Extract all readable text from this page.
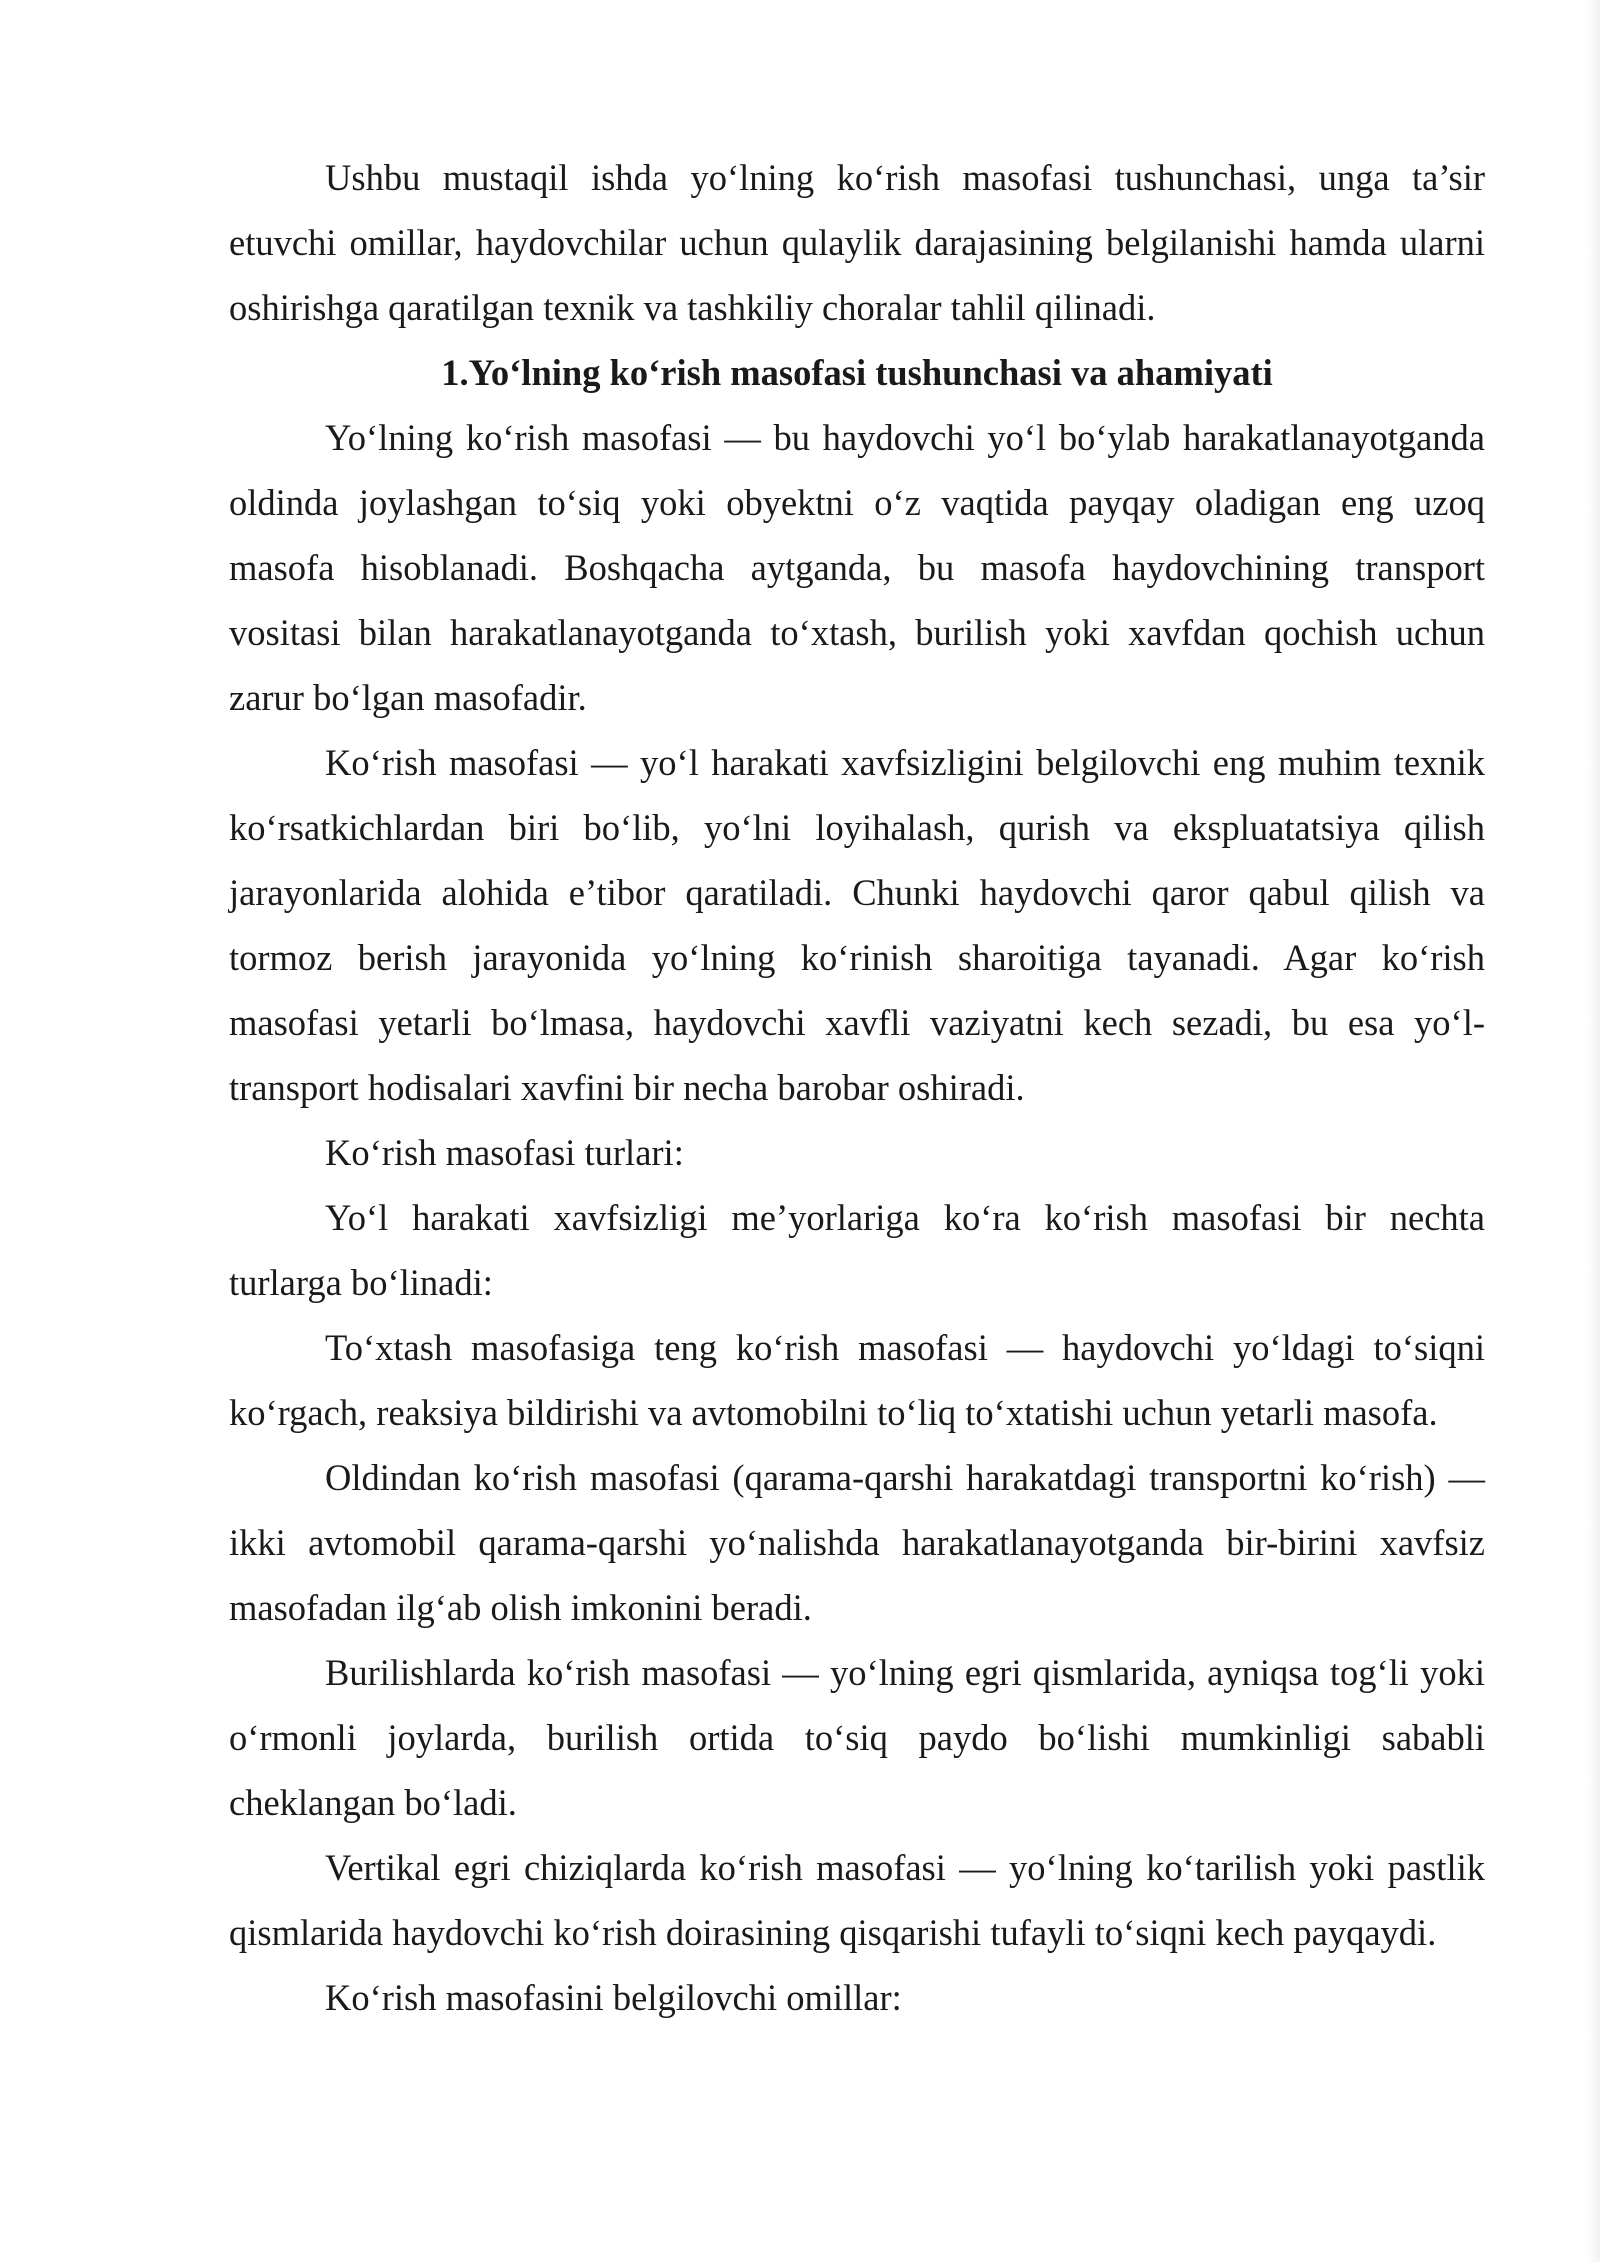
Ushbu mustaqil ishda yo‘lning ko‘rish masofasi tushunchasi, unga ta’sir etuvchi omillar, haydovchilar uchun qulaylik darajasining belgilanishi hamda ularni oshirishga qaratilgan texnik va tashkiliy choralar tahlil qilinadi.

1.Yo‘lning ko‘rish masofasi tushunchasi va ahamiyati

Yo‘lning ko‘rish masofasi — bu haydovchi yo‘l bo‘ylab harakatlanayotganda oldinda joylashgan to‘siq yoki obyektni o‘z vaqtida payqay oladigan eng uzoq masofa hisoblanadi. Boshqacha aytganda, bu masofa haydovchining transport vositasi bilan harakatlanayotganda to‘xtash, burilish yoki xavfdan qochish uchun zarur bo‘lgan masofadir.

Ko‘rish masofasi — yo‘l harakati xavfsizligini belgilovchi eng muhim texnik ko‘rsatkichlardan biri bo‘lib, yo‘lni loyihalash, qurish va ekspluatatsiya qilish jarayonlarida alohida e’tibor qaratiladi. Chunki haydovchi qaror qabul qilish va tormoz berish jarayonida yo‘lning ko‘rinish sharoitiga tayanadi. Agar ko‘rish masofasi yetarli bo‘lmasa, haydovchi xavfli vaziyatni kech sezadi, bu esa yo‘l-transport hodisalari xavfini bir necha barobar oshiradi.

Ko‘rish masofasi turlari:

Yo‘l harakati xavfsizligi me’yorlariga ko‘ra ko‘rish masofasi bir nechta turlarga bo‘linadi:

To‘xtash masofasiga teng ko‘rish masofasi — haydovchi yo‘ldagi to‘siqni ko‘rgach, reaksiya bildirishi va avtomobilni to‘liq to‘xtatishi uchun yetarli masofa.

Oldindan ko‘rish masofasi (qarama-qarshi harakatdagi transportni ko‘rish) — ikki avtomobil qarama-qarshi yo‘nalishda harakatlanayotganda bir-birini xavfsiz masofadan ilg‘ab olish imkonini beradi.

Burilishlarda ko‘rish masofasi — yo‘lning egri qismlarida, ayniqsa tog‘li yoki o‘rmonli joylarda, burilish ortida to‘siq paydo bo‘lishi mumkinligi sababli cheklangan bo‘ladi.

Vertikal egri chiziqlarda ko‘rish masofasi — yo‘lning ko‘tarilish yoki pastlik qismlarida haydovchi ko‘rish doirasining qisqarishi tufayli to‘siqni kech payqaydi.

Ko‘rish masofasini belgilovchi omillar:
